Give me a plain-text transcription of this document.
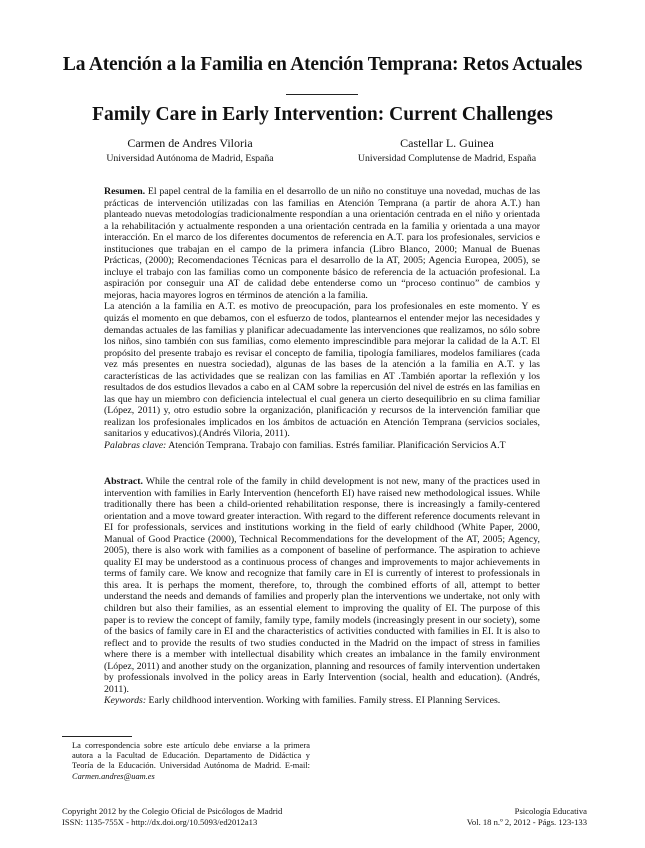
La Atención a la Familia en Atención Temprana: Retos Actuales
Family Care in Early Intervention: Current Challenges
Carmen de Andres Viloria
Universidad Autónoma de Madrid, España
Castellar L. Guinea
Universidad Complutense de Madrid, España

Resumen. El papel central de la familia en el desarrollo de un niño no constituye una novedad, muchas de las prácticas de intervención utilizadas con las familias en Atención Temprana (a partir de ahora A.T.) han planteado nuevas metodologías tradicionalmente respondían a una orientación centrada en el niño y orientada a la rehabilitación y actualmente responden a una orientación centrada en la familia y orientada a una mayor interacción. En el marco de los diferentes documentos de referencia en A.T. para los profesionales, servicios e instituciones que trabajan en el campo de la primera infancia (Libro Blanco, 2000; Manual de Buenas Prácticas, (2000); Recomendaciones Técnicas para el desarrollo de la AT, 2005; Agencia Europea, 2005), se incluye el trabajo con las familias como un componente básico de referencia de la actuación profesional. La aspiración por conseguir una AT de calidad debe entenderse como un “proceso continuo” de cambios y mejoras, hacia mayores logros en términos de atención a la familia.

La atención a la familia en A.T. es motivo de preocupación, para los profesionales en este momento. Y es quizás el momento en que debamos, con el esfuerzo de todos, plantearnos el entender mejor las necesidades y demandas actuales de las familias y planificar adecuadamente las intervenciones que realizamos, no sólo sobre los niños, sino también con sus familias, como elemento imprescindible para mejorar la calidad de la A.T. El propósito del presente trabajo es revisar el concepto de familia, tipología familiares, modelos familiares (cada vez más presentes en nuestra sociedad), algunas de las bases de la atención a la familia en A.T. y las características de las actividades que se realizan con las familias en AT .También aportar la reflexión y los resultados de dos estudios llevados a cabo en al CAM sobre la repercusión del nivel de estrés en las familias en las que hay un miembro con deficiencia intelectual el cual genera un cierto desequilibrio en su clima familiar (López, 2011) y, otro estudio sobre la organización, planificación y recursos de la intervención familiar que realizan los profesionales implicados en los ámbitos de actuación en Atención Temprana (servicios sociales, sanitarios y educativos).(Andrés Viloria, 2011).

Palabras clave: Atención Temprana. Trabajo con familias. Estrés familiar. Planificación Servicios A.T

Abstract. While the central role of the family in child development is not new, many of the practices used in intervention with families in Early Intervention (henceforth EI) have raised new methodological issues. While traditionally there has been a child-oriented rehabilitation response, there is increasingly a family-centered orientation and a move toward greater interaction. With regard to the different reference documents relevant in EI for professionals, services and institutions working in the field of early childhood (White Paper, 2000, Manual of Good Practice (2000), Technical Recommendations for the development of the AT, 2005; Agency, 2005), there is also work with families as a component of baseline of performance. The aspiration to achieve quality EI may be understood as a continuous process of changes and improvements to major achievements in terms of family care. We know and recognize that family care in EI is currently of interest to professionals in this area. It is perhaps the moment, therefore, to, through the combined efforts of all, attempt to better understand the needs and demands of families and properly plan the interventions we undertake, not only with children but also their families, as an essential element to improving the quality of EI. The purpose of this paper is to review the concept of family, family type, family models (increasingly present in our society), some of the basics of family care in EI and the characteristics of activities conducted with families in EI. It is also to reflect and to provide the results of two studies conducted in the Madrid on the impact of stress in families where there is a member with intellectual disability which creates an imbalance in the family environment (López, 2011) and another study on the organization, planning and resources of family intervention undertaken by professionals involved in the policy areas in Early Intervention (social, health and education). (Andrés, 2011).

Keywords: Early childhood intervention. Working with families. Family stress. EI Planning Services.

La correspondencia sobre este artículo debe enviarse a la primera autora a la Facultad de Educación. Departamento de Didáctica y Teoría de la Educación. Universidad Autónoma de Madrid. E-mail: Carmen.andres@uam.es
Copyright 2012 by the Colegio Oficial de Psicólogos de Madrid
ISSN: 1135-755X - http://dx.doi.org/10.5093/ed2012a13
Psicología Educativa
Vol. 18 n.º 2, 2012 - Págs. 123-133
